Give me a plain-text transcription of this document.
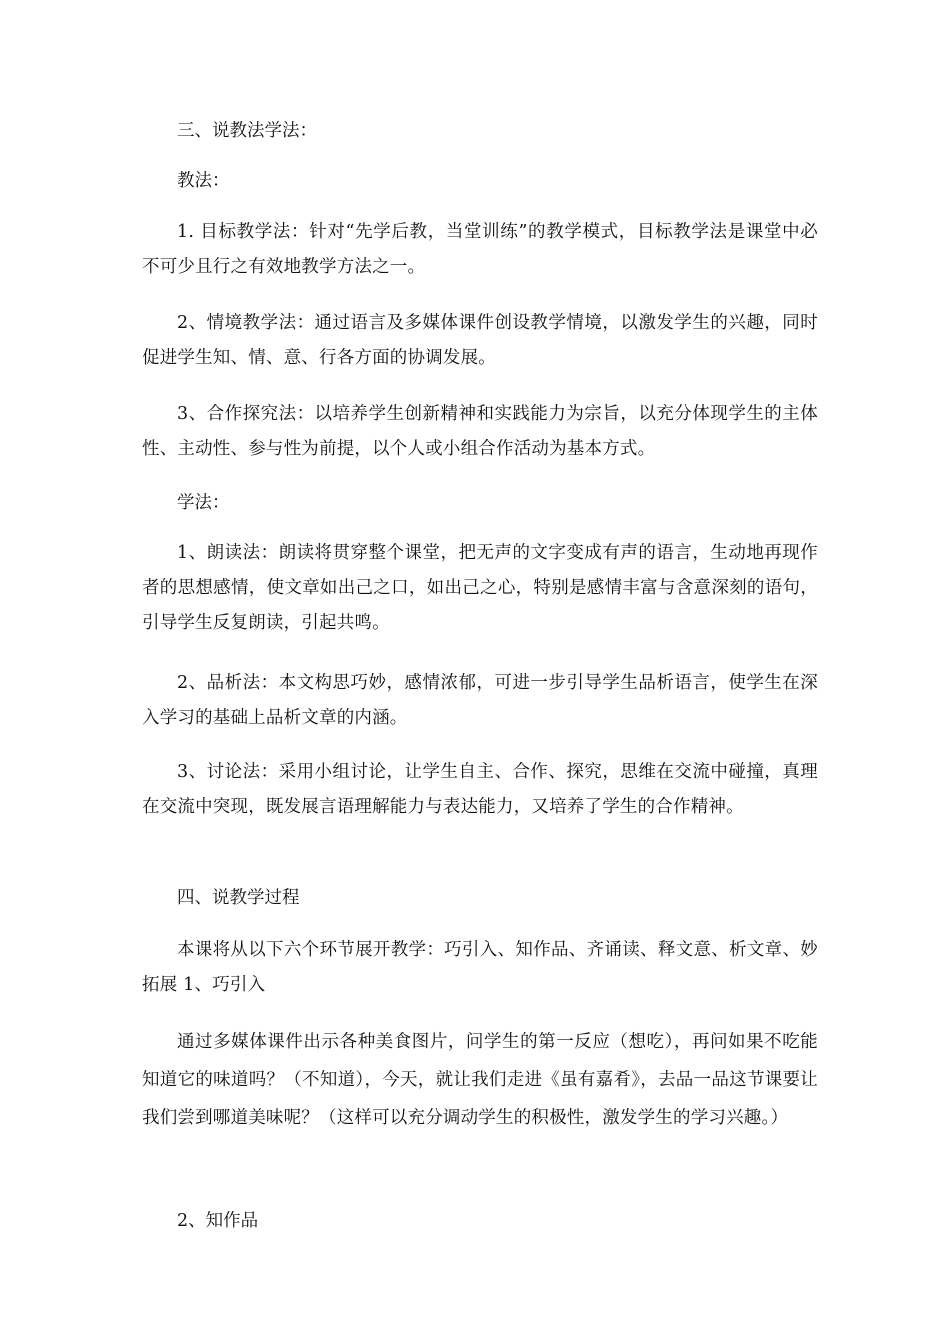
三、说教法学法：

教法：

1. 目标教学法：针对“先学后教，当堂训练”的教学模式，目标教学法是课堂中必不可少且行之有效地教学方法之一。

2、情境教学法：通过语言及多媒体课件创设教学情境，以激发学生的兴趣，同时促进学生知、情、意、行各方面的协调发展。

3、合作探究法：以培养学生创新精神和实践能力为宗旨，以充分体现学生的主体性、主动性、参与性为前提，以个人或小组合作活动为基本方式。

学法：

1、朗读法：朗读将贯穿整个课堂，把无声的文字变成有声的语言，生动地再现作者的思想感情，使文章如出己之口，如出己之心，特别是感情丰富与含意深刻的语句，引导学生反复朗读，引起共鸣。

2、品析法：本文构思巧妙，感情浓郁，可进一步引导学生品析语言，使学生在深入学习的基础上品析文章的内涵。

3、讨论法：采用小组讨论，让学生自主、合作、探究，思维在交流中碰撞，真理在交流中突现，既发展言语理解能力与表达能力，又培养了学生的合作精神。

四、说教学过程

本课将从以下六个环节展开教学：巧引入、知作品、齐诵读、释文意、析文章、妙拓展 1、巧引入

通过多媒体课件出示各种美食图片，问学生的第一反应（想吃），再问如果不吃能知道它的味道吗？（不知道），今天，就让我们走进《虽有嘉肴》，去品一品这节课要让我们尝到哪道美味呢？（这样可以充分调动学生的积极性，激发学生的学习兴趣。）

2、知作品
